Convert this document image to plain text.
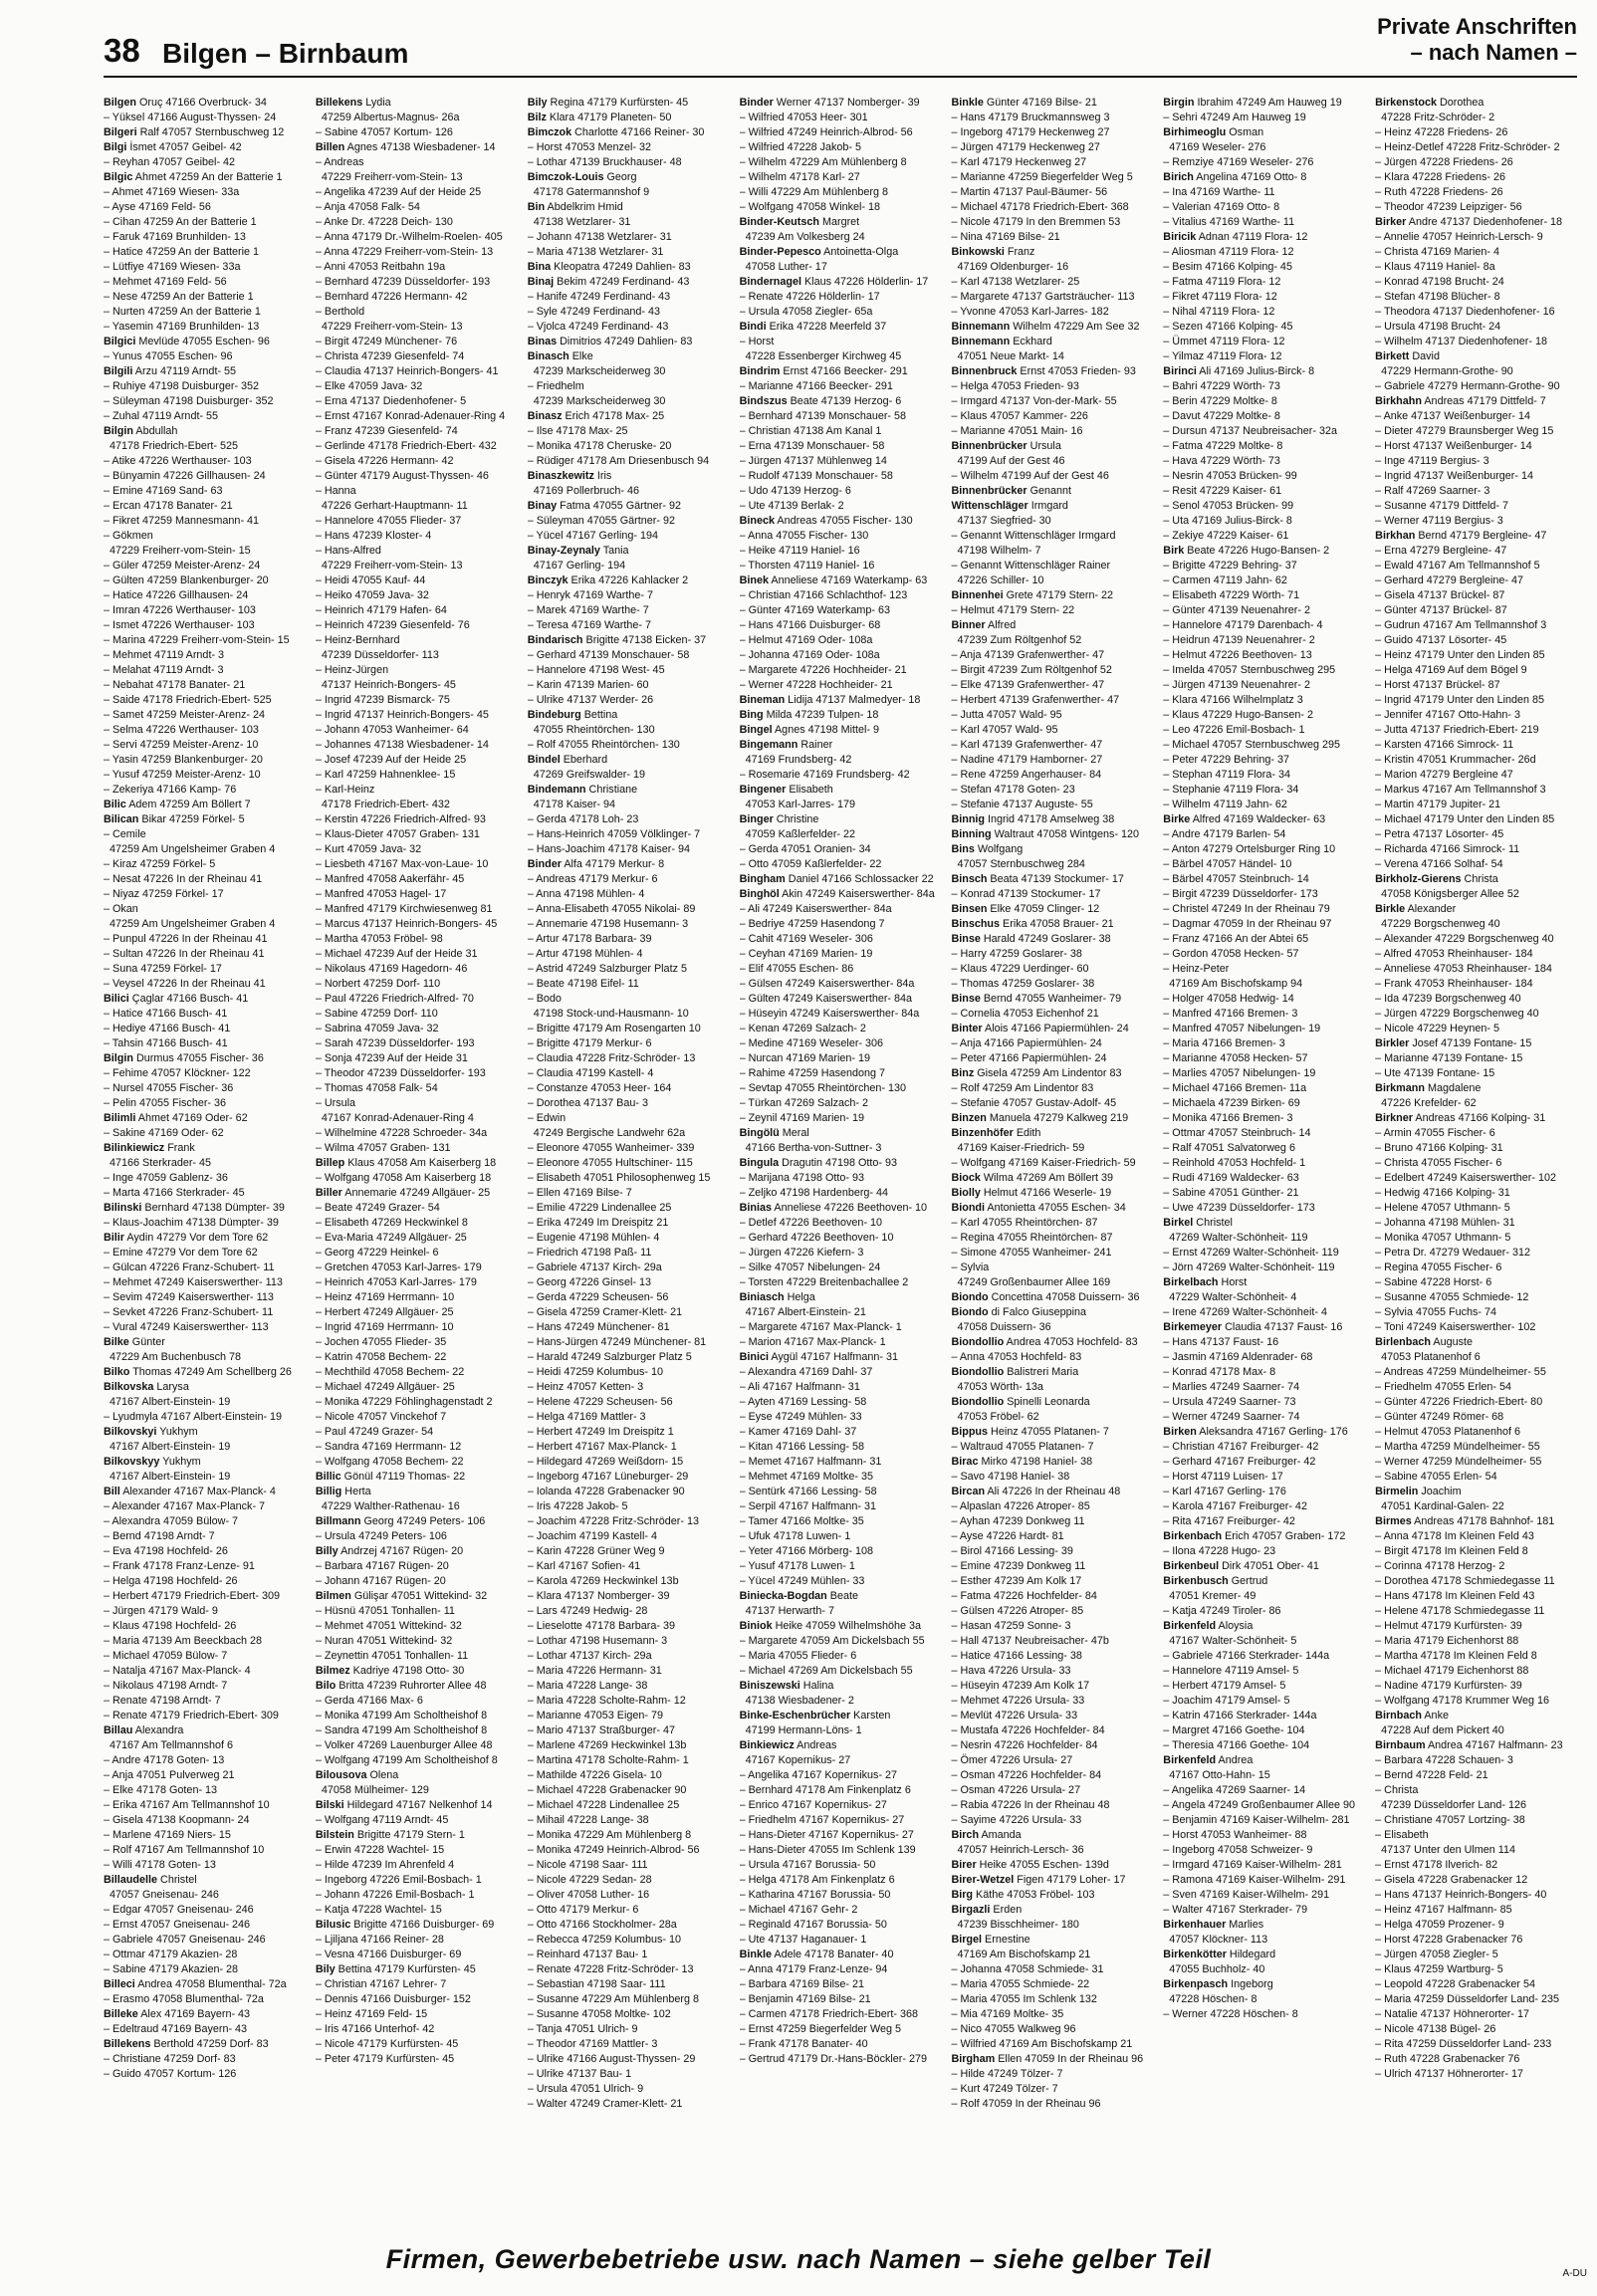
38 Bilgen – Birnbaum
Private Anschriften
– nach Namen –
Bilgen Oruç 47166 Overbruck- 34
– Yüksel 47166 August-Thyssen- 24
Bilgeri Ralf 47057 Sternbuschweg 12
Bilgi İsmet 47057 Geibel- 42
– Reyhan 47057 Geibel- 42
Bilgic Ahmet 47259 An der Batterie 1
– Ahmet 47169 Wiesen- 33a
– Ayse 47169 Feld- 56
– Cihan 47259 An der Batterie 1
– Faruk 47169 Brunhilden- 13
– Hatice 47259 An der Batterie 1
– Lütfiye 47169 Wiesen- 33a
– Mehmet 47169 Feld- 56
– Nese 47259 An der Batterie 1
– Nurten 47259 An der Batterie 1
– Yasemin 47169 Brunhilden- 13
Bilgici Mevlüde 47055 Eschen- 96
– Yunus 47055 Eschen- 96
Bilgili Arzu 47119 Arndt- 55
– Ruhiye 47198 Duisburger- 352
– Süleyman 47198 Duisburger- 352
– Zuhal 47119 Arndt- 55
Bilgin Abdullah
47178 Friedrich-Ebert- 525
– Atike 47226 Werthauser- 103
– Bünyamin 47226 Gillhausen- 24
– Emine 47169 Sand- 63
– Ercan 47178 Banater- 21
– Fikret 47259 Mannesmann- 41
– Gökmen
47229 Freiherr-vom-Stein- 15
– Güler 47259 Meister-Arenz- 24
– Gülten 47259 Blankenburger- 20
– Hatice 47226 Gillhausen- 24
– Imran 47226 Werthauser- 103
– Ismet 47226 Werthauser- 103
– Marina 47229 Freiherr-vom-Stein- 15
– Mehmet 47119 Arndt- 3
– Melahat 47119 Arndt- 3
– Nebahat 47178 Banater- 21
– Saide 47178 Friedrich-Ebert- 525
– Samet 47259 Meister-Arenz- 24
– Selma 47226 Werthauser- 103
– Servi 47259 Meister-Arenz- 10
– Yasin 47259 Blankenburger- 20
– Yusuf 47259 Meister-Arenz- 10
– Zekeriya 47166 Kamp- 76
Bilic Adem 47259 Am Böllert 7
Bilican Bikar 47259 Förkel- 5
– Cemile
47259 Am Ungelsheimer Graben 4
– Kiraz 47259 Förkel- 5
– Nesat 47226 In der Rheinau 41
– Niyaz 47259 Förkel- 17
– Okan
47259 Am Ungelsheimer Graben 4
– Punpul 47226 In der Rheinau 41
– Sultan 47226 In der Rheinau 41
– Suna 47259 Förkel- 17
– Veysel 47226 In der Rheinau 41
Bilici Çaglar 47166 Busch- 41
– Hatice 47166 Busch- 41
– Hediye 47166 Busch- 41
– Tahsin 47166 Busch- 41
Bilgin Durmus 47055 Fischer- 36
– Fehime 47057 Klöckner- 122
– Nursel 47055 Fischer- 36
– Pelin 47055 Fischer- 36
Bilimli Ahmet 47169 Oder- 62
– Sakine 47169 Oder- 62
Bilinkiewicz Frank
47166 Sterkrader- 45
– Inge 47059 Gablenz- 36
– Marta 47166 Sterkrader- 45
Bilinski Bernhard 47138 Dümpter- 39
– Klaus-Joachim 47138 Dümpter- 39
Bilir Aydin 47279 Vor dem Tore 62
– Emine 47279 Vor dem Tore 62
– Gülcan 47226 Franz-Schubert- 11
– Mehmet 47249 Kaiserswerther- 113
– Sevim 47249 Kaiserswerther- 113
– Sevket 47226 Franz-Schubert- 11
– Vural 47249 Kaiserswerther- 113
Bilke Günter
47229 Am Buchenbusch 78
Bilko Thomas 47249 Am Schellberg 26
Bilkovska Larysa
47167 Albert-Einstein- 19
– Lyudmyla 47167 Albert-Einstein- 19
Bilkovskyi Yukhym
47167 Albert-Einstein- 19
Bilkovskyy Yukhym
47167 Albert-Einstein- 19
Bill Alexander 47167 Max-Planck- 4
– Alexander 47167 Max-Planck- 7
– Alexandra 47059 Bülow- 7
– Bernd 47198 Arndt- 7
– Eva 47198 Hochfeld- 26
– Frank 47178 Franz-Lenze- 91
– Helga 47198 Hochfeld- 26
– Herbert 47179 Friedrich-Ebert- 309
– Jürgen 47179 Wald- 9
– Klaus 47198 Hochfeld- 26
– Maria 47139 Am Beeckbach 28
– Michael 47059 Bülow- 7
– Natalja 47167 Max-Planck- 4
– Nikolaus 47198 Arndt- 7
– Renate 47198 Arndt- 7
– Renate 47179 Friedrich-Ebert- 309
Billau Alexandra
47167 Am Tellmannshof 6
– Andre 47178 Goten- 13
– Anja 47051 Pulverweg 21
– Elke 47178 Goten- 13
– Erika 47167 Am Tellmannshof 10
– Gisela 47138 Koopmann- 24
– Marlene 47169 Niers- 15
– Rolf 47167 Am Tellmannshof 10
– Willi 47178 Goten- 13
Billaudelle Christel
47057 Gneisenau- 246
– Edgar 47057 Gneisenau- 246
– Ernst 47057 Gneisenau- 246
– Gabriele 47057 Gneisenau- 246
– Ottmar 47179 Akazien- 28
– Sabine 47179 Akazien- 28
Billeci Andrea 47058 Blumenthal- 72a
– Erasmo 47058 Blumenthal- 72a
Billeke Alex 47169 Bayern- 43
– Edeltraud 47169 Bayern- 43
Billekens Berthold 47259 Dorf- 83
– Christiane 47259 Dorf- 83
– Guido 47057 Kortum- 126
Billekens Lydia
47259 Albertus-Magnus- 26a
– Sabine 47057 Kortum- 126
Billen Agnes 47138 Wiesbadener- 14
– Andreas
47229 Freiherr-vom-Stein- 13
– Angelika 47239 Auf der Heide 25
– Anja 47058 Falk- 54
– Anke Dr. 47228 Deich- 130
– Anna 47179 Dr.-Wilhelm-Roelen- 405
– Anna 47229 Freiherr-vom-Stein- 13
– Anni 47053 Reitbahn 19a
– Bernhard 47239 Düsseldorfer- 193
– Bernhard 47226 Hermann- 42
– Berthold
47229 Freiherr-vom-Stein- 13
– Birgit 47249 Münchener- 76
– Christa 47239 Giesenfeld- 74
– Claudia 47137 Heinrich-Bongers- 41
– Elke 47059 Java- 32
– Erna 47137 Diedenhofener- 5
– Ernst 47167 Konrad-Adenauer-Ring 4
– Franz 47239 Giesenfeld- 74
– Gerlinde 47178 Friedrich-Ebert- 432
– Gisela 47226 Hermann- 42
– Günter 47179 August-Thyssen- 46
– Hanna
47226 Gerhart-Hauptmann- 11
– Hannelore 47055 Flieder- 37
– Hans 47239 Kloster- 4
– Hans-Alfred
47229 Freiherr-vom-Stein- 13
– Heidi 47055 Kauf- 44
– Heiko 47059 Java- 32
– Heinrich 47179 Hafen- 64
– Heinrich 47239 Giesenfeld- 76
– Heinz-Bernhard
47239 Düsseldorfer- 113
– Heinz-Jürgen
47137 Heinrich-Bongers- 45
– Ingrid 47239 Bismarck- 75
– Ingrid 47137 Heinrich-Bongers- 45
– Johann 47053 Wanheimer- 64
– Johannes 47138 Wiesbadener- 14
– Josef 47239 Auf der Heide 25
– Karl 47259 Hahnenklee- 15
– Karl-Heinz
47178 Friedrich-Ebert- 432
– Kerstin 47226 Friedrich-Alfred- 93
– Klaus-Dieter 47057 Graben- 131
– Kurt 47059 Java- 32
– Liesbeth 47167 Max-von-Laue- 10
– Manfred 47058 Aakerfähr- 45
– Manfred 47053 Hagel- 17
– Manfred 47179 Kirchwiesenweg 81
– Marcus 47137 Heinrich-Bongers- 45
– Martha 47053 Fröbel- 98
– Michael 47239 Auf der Heide 31
– Nikolaus 47169 Hagedorn- 46
– Norbert 47259 Dorf- 110
– Paul 47226 Friedrich-Alfred- 70
– Sabine 47259 Dorf- 110
– Sabrina 47059 Java- 32
– Sarah 47239 Düsseldorfer- 193
– Sonja 47239 Auf der Heide 31
– Theodor 47239 Düsseldorfer- 193
– Thomas 47058 Falk- 54
– Ursula
47167 Konrad-Adenauer-Ring 4
– Wilhelmine 47228 Schroeder- 34a
– Wilma 47057 Graben- 131
Billep Klaus 47058 Am Kaiserberg 18
– Wolfgang 47058 Am Kaiserberg 18
Biller Annemarie 47249 Allgäuer- 25
– Beate 47249 Grazer- 54
– Elisabeth 47269 Heckwinkel 8
– Eva-Maria 47249 Allgäuer- 25
– Georg 47229 Heinkel- 6
– Gretchen 47053 Karl-Jarres- 179
– Heinrich 47053 Karl-Jarres- 179
– Heinz 47169 Herrmann- 10
– Herbert 47249 Allgäuer- 25
– Ingrid 47169 Herrmann- 10
– Jochen 47055 Flieder- 35
– Katrin 47058 Bechem- 22
– Mechthild 47058 Bechem- 22
– Michael 47249 Allgäuer- 25
– Monika 47229 Föhlinghagenstadt 2
– Nicole 47057 Vinckehof 7
– Paul 47249 Grazer- 54
– Sandra 47169 Herrmann- 12
– Wolfgang 47058 Bechem- 22
Billic Gönül 47119 Thomas- 22
Billig Herta
47229 Walther-Rathenau- 16
Billmann Georg 47249 Peters- 106
– Ursula 47249 Peters- 106
Billy Andrzej 47167 Rügen- 20
– Barbara 47167 Rügen- 20
– Johann 47167 Rügen- 20
Bilmen Gülişar 47051 Wittekind- 32
– Hüsnü 47051 Tonhallen- 11
– Mehmet 47051 Wittekind- 32
– Nuran 47051 Wittekind- 32
– Zeynettin 47051 Tonhallen- 11
Bilmez Kadriye 47198 Otto- 30
Bilo Britta 47239 Ruhrorter Allee 48
– Gerda 47166 Max- 6
– Monika 47199 Am Scholtheishof 8
– Sandra 47199 Am Scholtheishof 8
– Volker 47269 Lauenburger Allee 48
– Wolfgang 47199 Am Scholtheishof 8
Bilousova Olena
47058 Mülheimer- 129
Bilski Hildegard 47167 Nelkenhof 14
– Wolfgang 47119 Arndt- 45
Bilstein Brigitte 47179 Stern- 1
– Erwin 47228 Wachtel- 15
– Hilde 47239 Im Ahrenfeld 4
– Ingeborg 47226 Emil-Bosbach- 1
– Johann 47226 Emil-Bosbach- 1
– Katja 47228 Wachtel- 15
Bilusic Brigitte 47166 Duisburger- 69
– Ljiljana 47166 Reiner- 28
– Vesna 47166 Duisburger- 69
Bily Bettina 47179 Kurfürsten- 45
– Christian 47167 Lehrer- 7
– Dennis 47166 Duisburger- 152
– Heinz 47169 Feld- 15
– Iris 47166 Unterhof- 42
– Nicole 47179 Kurfürsten- 45
– Peter 47179 Kurfürsten- 45
Bily Regina 47179 Kurfürsten- 45
Bilz Klara 47179 Planeten- 50
Bimczok Charlotte 47166 Reiner- 30
– Horst 47053 Menzel- 32
– Lothar 47139 Bruckhauser- 48
Bimczok-Louis Georg
47178 Gatermannshof 9
Bin Abdelkrim Hmid
47138 Wetzlarer- 31
– Johann 47138 Wetzlarer- 31
– Maria 47138 Wetzlarer- 31
Bina Kleopatra 47249 Dahlien- 83
Binaj Bekim 47249 Ferdinand- 43
– Hanife 47249 Ferdinand- 43
– Syle 47249 Ferdinand- 43
– Vjolca 47249 Ferdinand- 43
Binas Dimitrios 47249 Dahlien- 83
Binasch Elke
47239 Markscheiderweg 30
– Friedhelm
47239 Markscheiderweg 30
Binasz Erich 47178 Max- 25
– Ilse 47178 Max- 25
– Monika 47178 Cheruske- 20
– Rüdiger 47178 Am Driesenbusch 94
Binaszkewitz Iris
47169 Pollerbruch- 46
Binay Fatma 47055 Gärtner- 92
– Süleyman 47055 Gärtner- 92
– Yücel 47167 Gerling- 194
Binay-Zeynaly Tania
47167 Gerling- 194
Binczyk Erika 47226 Kahlacker 2
– Henryk 47169 Warthe- 7
– Marek 47169 Warthe- 7
– Teresa 47169 Warthe- 7
Bindarisch Brigitte 47138 Eicken- 37
– Gerhard 47139 Monschauer- 58
– Hannelore 47198 West- 45
– Karin 47139 Marien- 60
– Ulrike 47137 Werder- 26
Bindeburg Bettina
47055 Rheintörchen- 130
– Rolf 47055 Rheintörchen- 130
Bindel Eberhard
47269 Greifswalder- 19
Bindemann Christiane
47178 Kaiser- 94
– Gerda 47178 Loh- 23
– Hans-Heinrich 47059 Völklinger- 7
– Hans-Joachim 47178 Kaiser- 94
Binder Alfa 47179 Merkur- 8
– Andreas 47179 Merkur- 6
– Anna 47198 Mühlen- 4
– Anna-Elisabeth 47055 Nikolai- 89
– Annemarie 47198 Husemann- 3
– Artur 47178 Barbara- 39
– Artur 47198 Mühlen- 4
– Astrid 47249 Salzburger Platz 5
– Beate 47198 Eifel- 11
– Bodo
47198 Stock-und-Hausmann- 10
– Brigitte 47179 Am Rosengarten 10
– Brigitte 47179 Merkur- 6
– Claudia 47228 Fritz-Schröder- 13
– Claudia 47199 Kastell- 4
– Constanze 47053 Heer- 164
– Dorothea 47137 Bau- 3
– Edwin
47249 Bergische Landwehr 62a
– Eleonore 47055 Wanheimer- 339
– Eleonore 47055 Hultschiner- 115
– Elisabeth 47051 Philosophenweg 15
– Ellen 47169 Bilse- 7
– Emilie 47229 Lindenallee 25
– Erika 47249 Im Dreispitz 21
– Eugenie 47198 Mühlen- 4
– Friedrich 47198 Paß- 11
– Gabriele 47137 Kirch- 29a
– Georg 47226 Ginsel- 13
– Gerda 47229 Scheusen- 56
– Gisela 47259 Cramer-Klett- 21
– Hans 47249 Münchener- 81
– Hans-Jürgen 47249 Münchener- 81
– Harald 47249 Salzburger Platz 5
– Heidi 47259 Kolumbus- 10
– Heinz 47057 Ketten- 3
– Helene 47229 Scheusen- 56
– Helga 47169 Mattler- 3
– Herbert 47249 Im Dreispitz 1
– Herbert 47167 Max-Planck- 1
– Hildegard 47269 Weißdorn- 15
– Ingeborg 47167 Lüneburger- 29
– Iolanda 47228 Grabenacker 90
– Iris 47228 Jakob- 5
– Joachim 47228 Fritz-Schröder- 13
– Joachim 47199 Kastell- 4
– Karin 47228 Grüner Weg 9
– Karl 47167 Sofien- 41
– Karola 47269 Heckwinkel 13b
– Klara 47137 Nomberger- 39
– Lars 47249 Hedwig- 28
– Lieselotte 47178 Barbara- 39
– Lothar 47198 Husemann- 3
– Lothar 47137 Kirch- 29a
– Maria 47226 Hermann- 31
– Maria 47228 Lange- 38
– Maria 47228 Scholte-Rahm- 12
– Marianne 47053 Eigen- 79
– Mario 47137 Straßburger- 47
– Marlene 47269 Heckwinkel 13b
– Martina 47178 Scholte-Rahm- 1
– Mathilde 47226 Gisela- 10
– Michael 47228 Grabenacker 90
– Michael 47228 Lindenallee 25
– Mihail 47228 Lange- 38
– Monika 47229 Am Mühlenberg 8
– Monika 47249 Heinrich-Albrod- 56
– Nicole 47198 Saar- 111
– Nicole 47229 Sedan- 28
– Oliver 47058 Luther- 16
– Otto 47179 Merkur- 6
– Otto 47166 Stockholmer- 28a
– Rebecca 47259 Kolumbus- 10
– Reinhard 47137 Bau- 1
– Renate 47228 Fritz-Schröder- 13
– Sebastian 47198 Saar- 111
– Susanne 47229 Am Mühlenberg 8
– Susanne 47058 Moltke- 102
– Tanja 47051 Ulrich- 9
– Theodor 47169 Mattler- 3
– Ulrike 47166 August-Thyssen- 29
– Ulrike 47137 Bau- 1
– Ursula 47051 Ulrich- 9
– Walter 47249 Cramer-Klett- 21
Binder Werner 47137 Nomberger- 39
– Wilfried 47053 Heer- 301
– Wilfried 47249 Heinrich-Albrod- 56
– Wilfried 47228 Jakob- 5
– Wilhelm 47229 Am Mühlenberg 8
– Wilhelm 47178 Karl- 27
– Willi 47229 Am Mühlenberg 8
– Wolfgang 47058 Winkel- 18
Binder-Keutsch Margret
47239 Am Volkesberg 24
Binder-Pepesco Antoinetta-Olga
47058 Luther- 17
Bindernagel Klaus 47226 Hölderlin- 17
– Renate 47226 Hölderlin- 17
– Ursula 47058 Ziegler- 65a
Bindi Erika 47228 Meerfeld 37
– Horst
47228 Essenberger Kirchweg 45
Bindrim Ernst 47166 Beecker- 291
– Marianne 47166 Beecker- 291
Bindszus Beate 47139 Herzog- 6
– Bernhard 47139 Monschauer- 58
– Christian 47138 Am Kanal 1
– Erna 47139 Monschauer- 58
– Jürgen 47137 Mühlenweg 14
– Rudolf 47139 Monschauer- 58
– Udo 47139 Herzog- 6
– Ute 47139 Berlak- 2
Bineck Andreas 47055 Fischer- 130
– Anna 47055 Fischer- 130
– Heike 47119 Haniel- 16
– Thorsten 47119 Haniel- 16
Binek Anneliese 47169 Waterkamp- 63
– Christian 47166 Schlachthof- 123
– Günter 47169 Waterkamp- 63
– Hans 47166 Duisburger- 68
– Helmut 47169 Oder- 108a
– Johanna 47169 Oder- 108a
– Margarete 47226 Hochheider- 21
– Werner 47228 Hochheider- 21
Bineman Lidija 47137 Malmedyer- 18
Bing Milda 47239 Tulpen- 18
Bingel Agnes 47198 Mittel- 9
Bingemann Rainer
47169 Frundsberg- 42
– Rosemarie 47169 Frundsberg- 42
Bingener Elisabeth
47053 Karl-Jarres- 179
Binger Christine
47059 Kaßlerfelder- 22
– Gerda 47051 Oranien- 34
– Otto 47059 Kaßlerfelder- 22
Bingham Daniel 47166 Schlossacker 22
Binghöl Akin 47249 Kaiserswerther- 84a
– Ali 47249 Kaiserswerther- 84a
– Bedriye 47259 Hasendong 7
– Cahit 47169 Weseler- 306
– Ceyhan 47169 Marien- 19
– Elif 47055 Eschen- 86
– Gülsen 47249 Kaiserswerther- 84a
– Gülten 47249 Kaiserswerther- 84a
– Hüseyin 47249 Kaiserswerther- 84a
– Kenan 47269 Salzach- 2
– Medine 47169 Weseler- 306
– Nurcan 47169 Marien- 19
– Rahime 47259 Hasendong 7
– Sevtap 47055 Rheintörchen- 130
– Türkan 47269 Salzach- 2
– Zeynil 47169 Marien- 19
Bingölü Meral
47166 Bertha-von-Suttner- 3
Bingula Dragutin 47198 Otto- 93
– Marijana 47198 Otto- 93
– Zeljko 47198 Hardenberg- 44
Binias Anneliese 47226 Beethoven- 10
– Detlef 47226 Beethoven- 10
– Gerhard 47226 Beethoven- 10
– Jürgen 47226 Kiefern- 3
– Silke 47057 Nibelungen- 24
– Torsten 47229 Breitenbachallee 2
Biniasch Helga
47167 Albert-Einstein- 21
– Margarete 47167 Max-Planck- 1
– Marion 47167 Max-Planck- 1
Binici Aygül 47167 Halfmann- 31
– Alexandra 47169 Dahl- 37
– Ali 47167 Halfmann- 31
– Ayten 47169 Lessing- 58
– Eyse 47249 Mühlen- 33
– Kamer 47169 Dahl- 37
– Kitan 47166 Lessing- 58
– Memet 47167 Halfmann- 31
– Mehmet 47169 Moltke- 35
– Sentürk 47166 Lessing- 58
– Serpil 47167 Halfmann- 31
– Tamer 47166 Moltke- 35
– Ufuk 47178 Luwen- 1
– Yeter 47166 Mörberg- 108
– Yusuf 47178 Luwen- 1
– Yücel 47249 Mühlen- 33
Biniecka-Bogdan Beate
47137 Herwarth- 7
Biniok Heike 47059 Wilhelmshöhe 3a
– Margarete 47059 Am Dickelsbach 55
– Maria 47055 Flieder- 6
– Michael 47269 Am Dickelsbach 55
Biniszewski Halina
47138 Wiesbadener- 2
Binke-Eschenbrücher Karsten
47199 Hermann-Löns- 1
Binkiewicz Andreas
47167 Kopernikus- 27
– Angelika 47167 Kopernikus- 27
– Bernhard 47178 Am Finkenplatz 6
– Enrico 47167 Kopernikus- 27
– Friedhelm 47167 Kopernikus- 27
– Hans-Dieter 47167 Kopernikus- 27
– Hans-Dieter 47055 Im Schlenk 139
– Ursula 47167 Borussia- 50
– Helga 47178 Am Finkenplatz 6
– Katharina 47167 Borussia- 50
– Michael 47167 Gehr- 2
– Reginald 47167 Borussia- 50
– Ute 47137 Haganauer- 1
Binkle Adele 47178 Banater- 40
– Anna 47179 Franz-Lenze- 94
– Barbara 47169 Bilse- 21
– Benjamin 47169 Bilse- 21
– Carmen 47178 Friedrich-Ebert- 368
– Ernst 47259 Biegerfelder Weg 5
– Frank 47178 Banater- 40
– Gertrud 47179 Dr.-Hans-Böckler- 279
Binkle Günter 47169 Bilse- 21
– Hans 47179 Bruckmannsweg 3
– Ingeborg 47179 Heckenweg 27
– Jürgen 47179 Heckenweg 27
– Karl 47179 Heckenweg 27
– Marianne 47259 Biegerfelder Weg 5
– Martin 47137 Paul-Bäumer- 56
– Michael 47178 Friedrich-Ebert- 368
– Nicole 47179 In den Bremmen 53
– Nina 47169 Bilse- 21
Binkowski Franz
47169 Oldenburger- 16
– Karl 47138 Wetzlarer- 25
– Margarete 47137 Gartsträucher- 113
– Yvonne 47053 Karl-Jarres- 182
Binnemann Wilhelm 47229 Am See 32
Binnemann Eckhard
47051 Neue Markt- 14
Binnenbruck Ernst 47053 Frieden- 93
– Helga 47053 Frieden- 93
– Irmgard 47137 Von-der-Mark- 55
– Klaus 47057 Kammer- 226
– Marianne 47051 Main- 16
Binnenbrücker Ursula
47199 Auf der Gest 46
– Wilhelm 47199 Auf der Gest 46
Binnenbrücker Genannt
Wittenschläger Irmgard
47137 Siegfried- 30
– Genannt Wittenschläger Irmgard
47198 Wilhelm- 7
– Genannt Wittenschläger Rainer
47226 Schiller- 10
Binnenhei Grete 47179 Stern- 22
– Helmut 47179 Stern- 22
Binner Alfred
47239 Zum Röltgenhof 52
– Anja 47139 Grafenwerther- 47
– Birgit 47239 Zum Röltgenhof 52
– Elke 47139 Grafenwerther- 47
– Herbert 47139 Grafenwerther- 47
– Jutta 47057 Wald- 95
– Karl 47057 Wald- 95
– Karl 47139 Grafenwerther- 47
– Nadine 47179 Hamborner- 27
– Rene 47259 Angerhauser- 84
– Stefan 47178 Goten- 23
– Stefanie 47137 Auguste- 55
Binnig Ingrid 47178 Amselweg 38
Binning Waltraut 47058 Wintgens- 120
Bins Wolfgang
47057 Sternbuschweg 284
Binsch Beata 47139 Stockumer- 17
– Konrad 47139 Stockumer- 17
Binsen Elke 47059 Clinger- 12
Binschus Erika 47058 Brauer- 21
Binse Harald 47249 Goslarer- 38
– Harry 47259 Goslarer- 38
– Klaus 47229 Uerdinger- 60
– Thomas 47259 Goslarer- 38
Binse Bernd 47055 Wanheimer- 79
– Cornelia 47053 Eichenhof 21
Binter Alois 47166 Papiermühlen- 24
– Anja 47166 Papiermühlen- 24
– Peter 47166 Papiermühlen- 24
Binz Gisela 47259 Am Lindentor 83
– Rolf 47259 Am Lindentor 83
– Stefanie 47057 Gustav-Adolf- 45
Binzen Manuela 47279 Kalkweg 219
Binzenhöfer Edith
47169 Kaiser-Friedrich- 59
– Wolfgang 47169 Kaiser-Friedrich- 59
Biock Wilma 47269 Am Böllert 39
Biolly Helmut 47166 Weserle- 19
Biondi Antonietta 47055 Eschen- 34
– Karl 47055 Rheintörchen- 87
– Regina 47055 Rheintörchen- 87
– Simone 47055 Wanheimer- 241
– Sylvia
47249 Großenbaumer Allee 169
Biondo Concettina 47058 Duissern- 36
Biondo di Falco Giuseppina
47058 Duissern- 36
Biondollio Andrea 47053 Hochfeld- 83
– Anna 47053 Hochfeld- 83
Biondollio Balistreri Maria
47053 Wörth- 13a
Biondollio Spinelli Leonarda
47053 Fröbel- 62
Bippus Heinz 47055 Platanen- 7
– Waltraud 47055 Platanen- 7
Birac Mirko 47198 Haniel- 38
– Savo 47198 Haniel- 38
Bircan Ali 47226 In der Rheinau 48
– Alpaslan 47226 Atroper- 85
– Ayhan 47239 Donkweg 11
– Ayse 47226 Hardt- 81
– Birol 47166 Lessing- 39
– Emine 47239 Donkweg 11
– Esther 47239 Am Kolk 17
– Fatma 47226 Hochfelder- 84
– Gülsen 47226 Atroper- 85
– Hasan 47259 Sonne- 3
– Hall 47137 Neubreisacher- 47b
– Hatice 47166 Lessing- 38
– Hava 47226 Ursula- 33
– Hüseyin 47239 Am Kolk 17
– Mehmet 47226 Ursula- 33
– Mevlüt 47226 Ursula- 33
– Mustafa 47226 Hochfelder- 84
– Nesrin 47226 Hochfelder- 84
– Ömer 47226 Ursula- 27
– Osman 47226 Hochfelder- 84
– Osman 47226 Ursula- 27
– Rabia 47226 In der Rheinau 48
– Sayime 47226 Ursula- 33
Birch Amanda
47057 Heinrich-Lersch- 36
Birer Heike 47055 Eschen- 139d
Birer-Wetzel Figen 47179 Loher- 17
Birg Käthe 47053 Fröbel- 103
Birgazli Erden
47239 Bisschheimer- 180
Birgel Ernestine
47169 Am Bischofskamp 21
– Johanna 47058 Schmiede- 31
– Maria 47055 Schmiede- 22
– Maria 47055 Im Schlenk 132
– Mia 47169 Moltke- 35
– Nico 47055 Walkweg 96
– Wilfried 47169 Am Bischofskamp 21
Birgham Ellen 47059 In der Rheinau 96
– Hilde 47249 Tölzer- 7
– Kurt 47249 Tölzer- 7
– Rolf 47059 In der Rheinau 96
Birgin Ibrahim 47249 Am Hauweg 19
– Sehri 47249 Am Hauweg 19
Birhimeoglu Osman
47169 Weseler- 276
– Remziye 47169 Weseler- 276
Birich Angelina 47169 Otto- 8
– Ina 47169 Warthe- 11
– Valerian 47169 Otto- 8
– Vitalius 47169 Warthe- 11
Biricik Adnan 47119 Flora- 12
– Aliosman 47119 Flora- 12
– Besim 47166 Kolping- 45
– Fatma 47119 Flora- 12
– Fikret 47119 Flora- 12
– Nihal 47119 Flora- 12
– Sezen 47166 Kolping- 45
– Ümmet 47119 Flora- 12
– Yilmaz 47119 Flora- 12
Birinci Ali 47169 Julius-Birck- 8
– Bahri 47229 Wörth- 73
– Berin 47229 Moltke- 8
– Davut 47229 Moltke- 8
– Dursun 47137 Neubreisacher- 32a
– Fatma 47229 Moltke- 8
– Hava 47229 Wörth- 73
– Nesrin 47053 Brücken- 99
– Resit 47229 Kaiser- 61
– Senol 47053 Brücken- 99
– Uta 47169 Julius-Birck- 8
– Zekiye 47229 Kaiser- 61
Birk Beate 47226 Hugo-Bansen- 2
– Brigitte 47229 Behring- 37
– Carmen 47119 Jahn- 62
– Elisabeth 47229 Wörth- 71
– Günter 47139 Neuenahrer- 2
– Hannelore 47179 Darenbach- 4
– Heidrun 47139 Neuenahrer- 2
– Helmut 47226 Beethoven- 13
– Imelda 47057 Sternbuschweg 295
– Jürgen 47139 Neuenahrer- 2
– Klara 47166 Wilhelmplatz 3
– Klaus 47229 Hugo-Bansen- 2
– Leo 47226 Emil-Bosbach- 1
– Michael 47057 Sternbuschweg 295
– Peter 47229 Behring- 37
– Stephan 47119 Flora- 34
– Stephanie 47119 Flora- 34
– Wilhelm 47119 Jahn- 62
Birke Alfred 47169 Waldecker- 63
– Andre 47179 Barlen- 54
– Anton 47279 Ortelsburger Ring 10
– Bärbel 47057 Händel- 10
– Bärbel 47057 Steinbruch- 14
– Birgit 47239 Düsseldorfer- 173
– Christel 47249 In der Rheinau 79
– Dagmar 47059 In der Rheinau 97
– Franz 47166 An der Abtei 65
– Gordon 47058 Hecken- 57
– Heinz-Peter
47169 Am Bischofskamp 94
– Holger 47058 Hedwig- 14
– Manfred 47166 Bremen- 3
– Manfred 47057 Nibelungen- 19
– Maria 47166 Bremen- 3
– Marianne 47058 Hecken- 57
– Marlies 47057 Nibelungen- 19
– Michael 47166 Bremen- 11a
– Michaela 47239 Birken- 69
– Monika 47166 Bremen- 3
– Ottmar 47057 Steinbruch- 14
– Ralf 47051 Salvatorweg 6
– Reinhold 47053 Hochfeld- 1
– Rudi 47169 Waldecker- 63
– Sabine 47051 Günther- 21
– Uwe 47239 Düsseldorfer- 173
Birkel Christel
47269 Walter-Schönheit- 119
– Ernst 47269 Walter-Schönheit- 119
– Jörn 47269 Walter-Schönheit- 119
Birkelbach Horst
47229 Walter-Schönheit- 4
– Irene 47269 Walter-Schönheit- 4
Birkemeyer Claudia 47137 Faust- 16
– Hans 47137 Faust- 16
– Jasmin 47169 Aldenrader- 68
– Konrad 47178 Max- 8
– Marlies 47249 Saarner- 74
– Ursula 47249 Saarner- 73
– Werner 47249 Saarner- 74
Birken Aleksandra 47167 Gerling- 176
– Christian 47167 Freiburger- 42
– Gerhard 47167 Freiburger- 42
– Horst 47119 Luisen- 17
– Karl 47167 Gerling- 176
– Karola 47167 Freiburger- 42
– Rita 47167 Freiburger- 42
Birkenbach Erich 47057 Graben- 172
– Ilona 47228 Hugo- 23
Birkenbeul Dirk 47051 Ober- 41
Birkenbusch Gertrud
47051 Kremer- 49
– Katja 47249 Tiroler- 86
Birkenfeld Aloysia
47167 Walter-Schönheit- 5
– Gabriele 47166 Sterkrader- 144a
– Hannelore 47119 Amsel- 5
– Herbert 47179 Amsel- 5
– Joachim 47179 Amsel- 5
– Katrin 47166 Sterkrader- 144a
– Margret 47166 Goethe- 104
– Theresia 47166 Goethe- 104
Birkenfeld Andrea
47167 Otto-Hahn- 15
– Angelika 47269 Saarner- 14
– Angela 47249 Großenbaumer Allee 90
– Benjamin 47169 Kaiser-Wilhelm- 281
– Horst 47053 Wanheimer- 88
– Ingeborg 47058 Schweizer- 9
– Irmgard 47169 Kaiser-Wilhelm- 281
– Ramona 47169 Kaiser-Wilhelm- 291
– Sven 47169 Kaiser-Wilhelm- 291
– Walter 47167 Sterkrader- 79
Birkenhauer Marlies
47057 Klöckner- 113
Birkenkötter Hildegard
47055 Buchholz- 40
Birkenpasch Ingeborg
47228 Höschen- 8
– Werner 47228 Höschen- 8
Birkenstock Dorothea
47228 Fritz-Schröder- 2
– Heinz 47228 Friedens- 26
– Heinz-Detlef 47228 Fritz-Schröder- 2
– Jürgen 47228 Friedens- 26
– Klara 47228 Friedens- 26
– Ruth 47228 Friedens- 26
– Theodor 47239 Leipziger- 56
Birker Andre 47137 Diedenhofener- 18
– Annelie 47057 Heinrich-Lersch- 9
– Christa 47169 Marien- 4
– Klaus 47119 Haniel- 8a
– Konrad 47198 Brucht- 24
– Stefan 47198 Blücher- 8
– Theodora 47137 Diedenhofener- 16
– Ursula 47198 Brucht- 24
– Wilhelm 47137 Diedenhofener- 18
Birkett David
47229 Hermann-Grothe- 90
– Gabriele 47279 Hermann-Grothe- 90
Birkhahn Andreas 47179 Dittfeld- 7
– Anke 47137 Weißenburger- 14
– Dieter 47279 Braunsberger Weg 15
– Horst 47137 Weißenburger- 14
– Inge 47119 Bergius- 3
– Ingrid 47137 Weißenburger- 14
– Ralf 47269 Saarner- 3
– Susanne 47179 Dittfeld- 7
– Werner 47119 Bergius- 3
Birkhan Bernd 47179 Bergleine- 47
– Erna 47279 Bergleine- 47
– Ewald 47167 Am Tellmannshof 5
– Gerhard 47279 Bergleine- 47
– Gisela 47137 Brückel- 87
– Günter 47137 Brückel- 87
– Gudrun 47167 Am Tellmannshof 3
– Guido 47137 Lösorter- 45
– Heinz 47179 Unter den Linden 85
– Helga 47169 Auf dem Bögel 9
– Horst 47137 Brückel- 87
– Ingrid 47179 Unter den Linden 85
– Jennifer 47167 Otto-Hahn- 3
– Jutta 47137 Friedrich-Ebert- 219
– Karsten 47166 Simrock- 11
– Kristin 47051 Krummacher- 26d
– Marion 47279 Bergleine 47
– Markus 47167 Am Tellmannshof 3
– Martin 47179 Jupiter- 21
– Michael 47179 Unter den Linden 85
– Petra 47137 Lösorter- 45
– Richarda 47166 Simrock- 11
– Verena 47166 Solhaf- 54
Birkholz-Gierens Christa
47058 Königsberger Allee 52
Birkle Alexander
47229 Borgschenweg 40
– Alexander 47229 Borgschenweg 40
– Alfred 47053 Rheinhauser- 184
– Anneliese 47053 Rheinhauser- 184
– Frank 47053 Rheinhauser- 184
– Ida 47239 Borgschenweg 40
– Jürgen 47229 Borgschenweg 40
– Nicole 47229 Heynen- 5
Birkler Josef 47139 Fontane- 15
– Marianne 47139 Fontane- 15
– Ute 47139 Fontane- 15
Birkmann Magdalene
47226 Krefelder- 62
Birkner Andreas 47166 Kolping- 31
– Armin 47055 Fischer- 6
– Bruno 47166 Kolping- 31
– Christa 47055 Fischer- 6
– Edelbert 47249 Kaiserswerther- 102
– Hedwig 47166 Kolping- 31
– Helene 47057 Uthmann- 5
– Johanna 47198 Mühlen- 31
– Monika 47057 Uthmann- 5
– Petra Dr. 47279 Wedauer- 312
– Regina 47055 Fischer- 6
– Sabine 47228 Horst- 6
– Susanne 47055 Schmiede- 12
– Sylvia 47055 Fuchs- 74
– Toni 47249 Kaiserswerther- 102
Birlenbach Auguste
47053 Platanenhof 6
– Andreas 47259 Mündelheimer- 55
– Friedhelm 47055 Erlen- 54
– Günter 47226 Friedrich-Ebert- 80
– Günter 47249 Römer- 68
– Helmut 47053 Platanenhof 6
– Martha 47259 Mündelheimer- 55
– Werner 47259 Mündelheimer- 55
– Sabine 47055 Erlen- 54
Birmelin Joachim
47051 Kardinal-Galen- 22
Birmes Andreas 47178 Bahnhof- 181
– Anna 47178 Im Kleinen Feld 43
– Birgit 47178 Im Kleinen Feld 8
– Corinna 47178 Herzog- 2
– Dorothea 47178 Schmiedegasse 11
– Hans 47178 Im Kleinen Feld 43
– Helene 47178 Schmiedegasse 11
– Helmut 47179 Kurfürsten- 39
– Maria 47179 Eichenhorst 88
– Martha 47178 Im Kleinen Feld 8
– Michael 47179 Eichenhorst 88
– Nadine 47179 Kurfürsten- 39
– Wolfgang 47178 Krummer Weg 16
Birnbach Anke
47228 Auf dem Pickert 40
Birnbaum Andrea 47167 Halfmann- 23
– Barbara 47228 Schauen- 3
– Bernd 47228 Feld- 21
– Christa
47239 Düsseldorfer Land- 126
– Christiane 47057 Lortzing- 38
– Elisabeth
47137 Unter den Ulmen 114
– Ernst 47178 Ilverich- 82
– Gisela 47228 Grabenacker 12
– Hans 47137 Heinrich-Bongers- 40
– Heinz 47167 Halfmann- 85
– Helga 47059 Prozener- 9
– Horst 47228 Grabenacker 76
– Jürgen 47058 Ziegler- 5
– Klaus 47259 Wartburg- 5
– Leopold 47228 Grabenacker 54
– Maria 47259 Düsseldorfer Land- 235
– Natalie 47137 Höhnerorter- 17
– Nicole 47138 Bügel- 26
– Rita 47259 Düsseldorfer Land- 233
– Ruth 47228 Grabenacker 76
– Ulrich 47137 Höhnerorter- 17
Firmen, Gewerbebetriebe usw. nach Namen – siehe gelber Teil	A-DU
